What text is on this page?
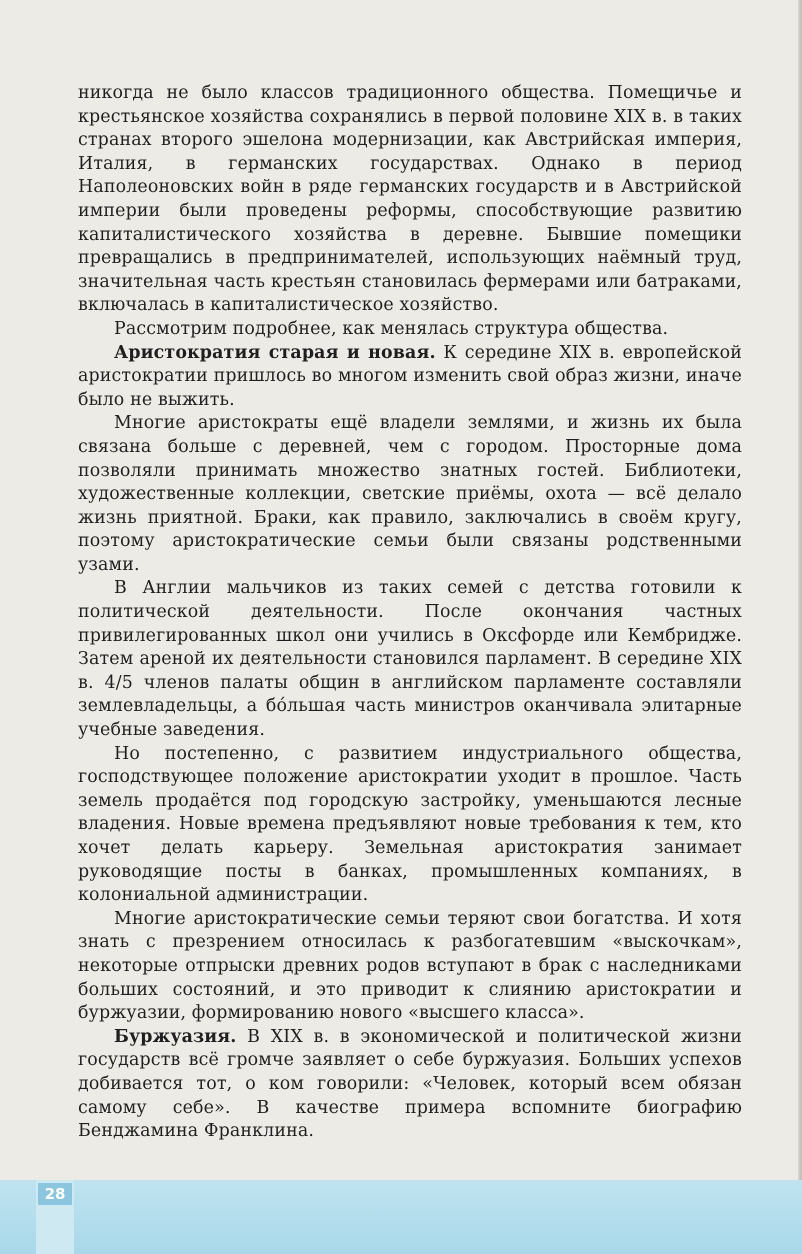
никогда не было классов традиционного общества. Помещичье и крестьянское хозяйства сохранялись в первой половине XIX в. в таких странах второго эшелона модернизации, как Австрийская империя, Италия, в германских государствах. Однако в период Наполеоновских войн в ряде германских государств и в Австрийской империи были проведены реформы, способствующие развитию капиталистического хозяйства в деревне. Бывшие помещики превращались в предпринимателей, использующих наёмный труд, значительная часть крестьян становилась фермерами или батраками, включалась в капиталистическое хозяйство.

Рассмотрим подробнее, как менялась структура общества.

Аристократия старая и новая. К середине XIX в. европейской аристократии пришлось во многом изменить свой образ жизни, иначе было не выжить.

Многие аристократы ещё владели землями, и жизнь их была связана больше с деревней, чем с городом. Просторные дома позволяли принимать множество знатных гостей. Библиотеки, художественные коллекции, светские приёмы, охота — всё делало жизнь приятной. Браки, как правило, заключались в своём кругу, поэтому аристократические семьи были связаны родственными узами.

В Англии мальчиков из таких семей с детства готовили к политической деятельности. После окончания частных привилегированных школ они учились в Оксфорде или Кембридже. Затем ареной их деятельности становился парламент. В середине XIX в. 4/5 членов палаты общин в английском парламенте составляли землевладельцы, а бо́льшая часть министров оканчивала элитарные учебные заведения.

Но постепенно, с развитием индустриального общества, господствующее положение аристократии уходит в прошлое. Часть земель продаётся под городскую застройку, уменьшаются лесные владения. Новые времена предъявляют новые требования к тем, кто хочет делать карьеру. Земельная аристократия занимает руководящие посты в банках, промышленных компаниях, в колониальной администрации.

Многие аристократические семьи теряют свои богатства. И хотя знать с презрением относилась к разбогатевшим «выскочкам», некоторые отпрыски древних родов вступают в брак с наследниками больших состояний, и это приводит к слиянию аристократии и буржуазии, формированию нового «высшего класса».

Буржуазия. В XIX в. в экономической и политической жизни государств всё громче заявляет о себе буржуазия. Больших успехов добивается тот, о ком говорили: «Человек, который всем обязан самому себе». В качестве примера вспомните биографию Бенджамина Франклина.

28
